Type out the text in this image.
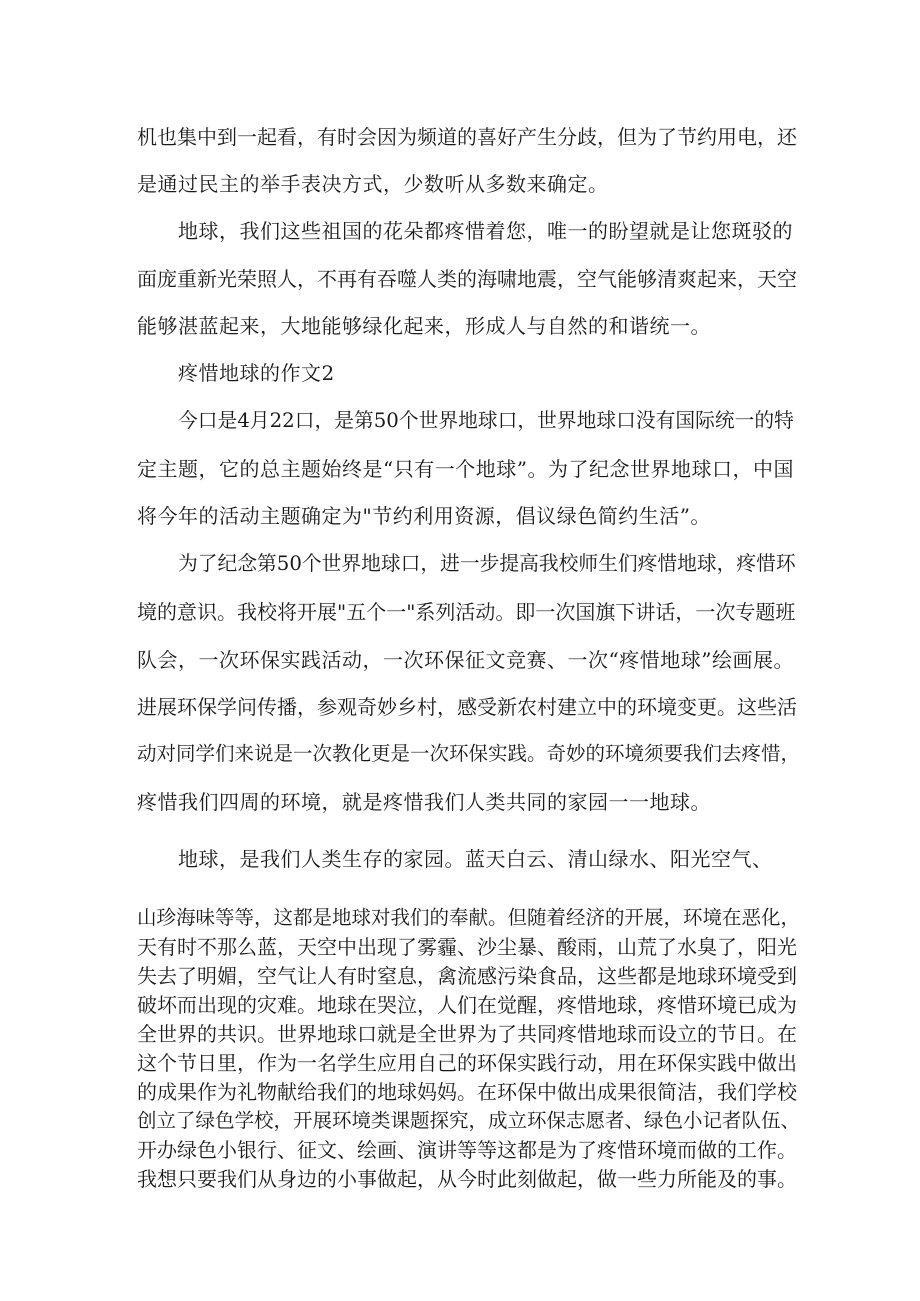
机也集中到一起看，有时会因为频道的喜好产生分歧，但为了节约用电，还
是通过民主的举手表决方式，少数听从多数来确定。
地球，我们这些祖国的花朵都疼惜着您，唯一的盼望就是让您斑驳的
面庞重新光荣照人，不再有吞噬人类的海啸地震，空气能够清爽起来，天空
能够湛蓝起来，大地能够绿化起来，形成人与自然的和谐统一。
疼惜地球的作文2
今口是4月22口，是第50个世界地球口，世界地球口没有国际统一的特
定主题，它的总主题始终是“只有一个地球”。为了纪念世界地球口，中国
将今年的活动主题确定为"节约利用资源，倡议绿色简约生活”。
为了纪念第50个世界地球口，进一步提高我校师生们疼惜地球，疼惜环
境的意识。我校将开展"五个一"系列活动。即一次国旗下讲话，一次专题班
队会，一次环保实践活动，一次环保征文竞赛、一次“疼惜地球”绘画展。
进展环保学问传播，参观奇妙乡村，感受新农村建立中的环境变更。这些活
动对同学们来说是一次教化更是一次环保实践。奇妙的环境须要我们去疼惜，
疼惜我们四周的环境，就是疼惜我们人类共同的家园一一地球。
地球，是我们人类生存的家园。蓝天白云、清山绿水、阳光空气、
山珍海味等等，这都是地球对我们的奉献。但随着经济的开展，环境在恶化，
天有时不那么蓝，天空中出现了雾霾、沙尘暴、酸雨，山荒了水臭了，阳光
失去了明媚，空气让人有时窒息，禽流感污染食品，这些都是地球环境受到
破坏而出现的灾难。地球在哭泣，人们在觉醒，疼惜地球，疼惜环境已成为
全世界的共识。世界地球口就是全世界为了共同疼惜地球而设立的节日。在
这个节日里，作为一名学生应用自己的环保实践行动，用在环保实践中做出
的成果作为礼物献给我们的地球妈妈。在环保中做出成果很简洁，我们学校
创立了绿色学校，开展环境类课题探究，成立环保志愿者、绿色小记者队伍、
开办绿色小银行、征文、绘画、演讲等等这都是为了疼惜环境而做的工作。
我想只要我们从身边的小事做起，从今时此刻做起，做一些力所能及的事。
